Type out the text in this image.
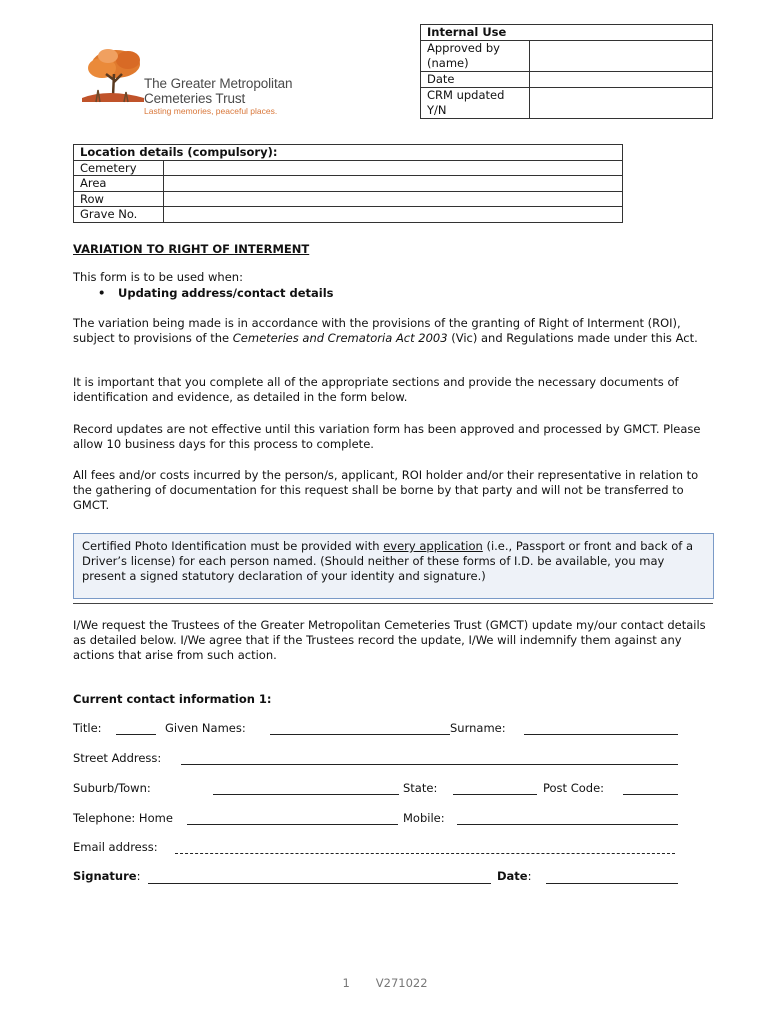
The Greater Metropolitan
Cemeteries Trust
Lasting memories, peaceful places.
Internal Use	
Approved by (name)	
Date	
CRM updated Y/N	
Location details (compulsory):	
Cemetery	
Area	
Row	
Grave No.	
VARIATION TO RIGHT OF INTERMENT
This form is to be used when:
• Updating address/contact details
The variation being made is in accordance with the provisions of the granting of Right of Interment (ROI), subject to provisions of the Cemeteries and Crematoria Act 2003 (Vic) and Regulations made under this Act.
It is important that you complete all of the appropriate sections and provide the necessary documents of identification and evidence, as detailed in the form below.
Record updates are not effective until this variation form has been approved and processed by GMCT. Please allow 10 business days for this process to complete.
All fees and/or costs incurred by the person/s, applicant, ROI holder and/or their representative in relation to the gathering of documentation for this request shall be borne by that party and will not be transferred to GMCT.
Certified Photo Identification must be provided with every application (i.e., Passport or front and back of a Driver’s license) for each person named. (Should neither of these forms of I.D. be available, you may present a signed statutory declaration of your identity and signature.)
I/We request the Trustees of the Greater Metropolitan Cemeteries Trust (GMCT) update my/our contact details as detailed below. I/We agree that if the Trustees record the update, I/We will indemnify them against any actions that arise from such action.
Current contact information 1:
Title:	Given Names:	Surname:
Street Address:
Suburb/Town:	State:	Post Code:
Telephone: Home	Mobile:
Email address:
Signature:	Date:
1 V271022
